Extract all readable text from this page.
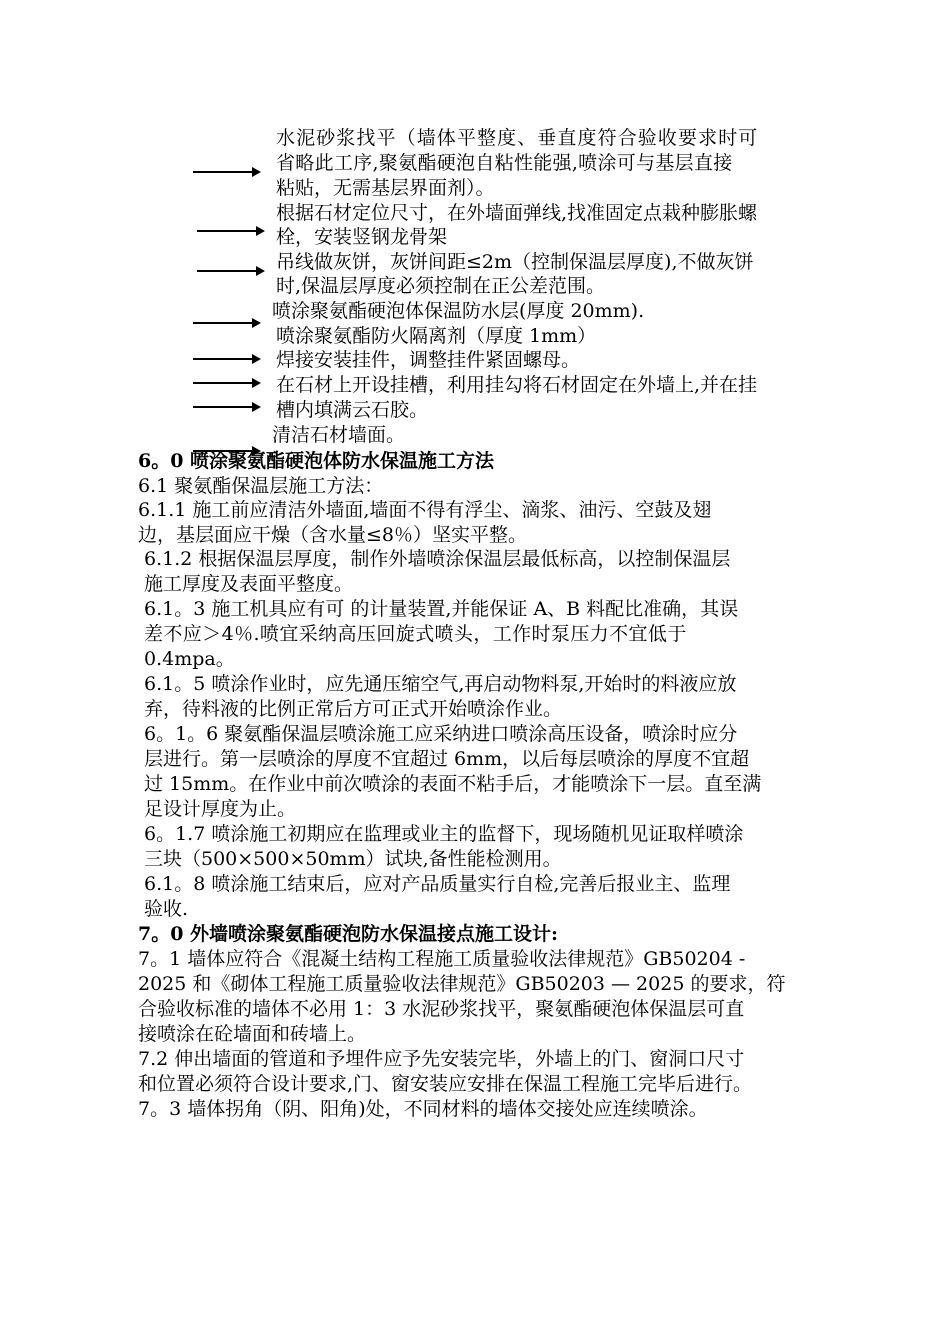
水泥砂浆找平（墙体平整度、垂直度符合验收要求时可
省略此工序,聚氨酯硬泡自粘性能强,喷涂可与基层直接
粘贴，无需基层界面剂）。
根据石材定位尺寸，在外墙面弹线,找准固定点栽种膨胀螺
栓，安装竖钢龙骨架
吊线做灰饼，灰饼间距≤2m（控制保温层厚度),不做灰饼
时,保温层厚度必须控制在正公差范围。
喷涂聚氨酯硬泡体保温防水层(厚度 20mm).
喷涂聚氨酯防火隔离剂（厚度 1mm）
焊接安装挂件，调整挂件紧固螺母。
在石材上开设挂槽，利用挂勾将石材固定在外墙上,并在挂
槽内填满云石胶。
清洁石材墙面。
6。0 喷涂聚氨酯硬泡体防水保温施工方法
6.1 聚氨酯保温层施工方法：
6.1.1 施工前应清洁外墙面,墙面不得有浮尘、滴浆、油污、空鼓及翅
边，基层面应干燥（含水量≤8％）坚实平整。
6.1.2 根据保温层厚度，制作外墙喷涂保温层最低标高，以控制保温层
施工厚度及表面平整度。
6.1。3 施工机具应有可 的计量装置,并能保证 A、B 料配比准确，其误
差不应＞4％.喷宜采纳高压回旋式喷头，工作时泵压力不宜低于
0.4mpa。
6.1。5 喷涂作业时，应先通压缩空气,再启动物料泵,开始时的料液应放
弃，待料液的比例正常后方可正式开始喷涂作业。
6。1。6 聚氨酯保温层喷涂施工应采纳进口喷涂高压设备，喷涂时应分
层进行。第一层喷涂的厚度不宜超过 6mm，以后每层喷涂的厚度不宜超
过 15mm。在作业中前次喷涂的表面不粘手后，才能喷涂下一层。直至满
足设计厚度为止。
6。1.7 喷涂施工初期应在监理或业主的监督下，现场随机见证取样喷涂
三块（500×500×50mm）试块,备性能检测用。
6.1。8 喷涂施工结束后，应对产品质量实行自检,完善后报业主、监理
验收.
7。0 外墙喷涂聚氨酯硬泡防水保温接点施工设计:
7。1 墙体应符合《混凝土结构工程施工质量验收法律规范》GB50204 -
2025 和《砌体工程施工质量验收法律规范》GB50203 — 2025 的要求，符
合验收标准的墙体不必用 1：3 水泥砂浆找平，聚氨酯硬泡体保温层可直
接喷涂在砼墙面和砖墙上。
7.2 伸出墙面的管道和予埋件应予先安装完毕，外墙上的门、窗洞口尺寸
和位置必须符合设计要求,门、窗安装应安排在保温工程施工完毕后进行。
7。3 墙体拐角（阴、阳角)处，不同材料的墙体交接处应连续喷涂。
